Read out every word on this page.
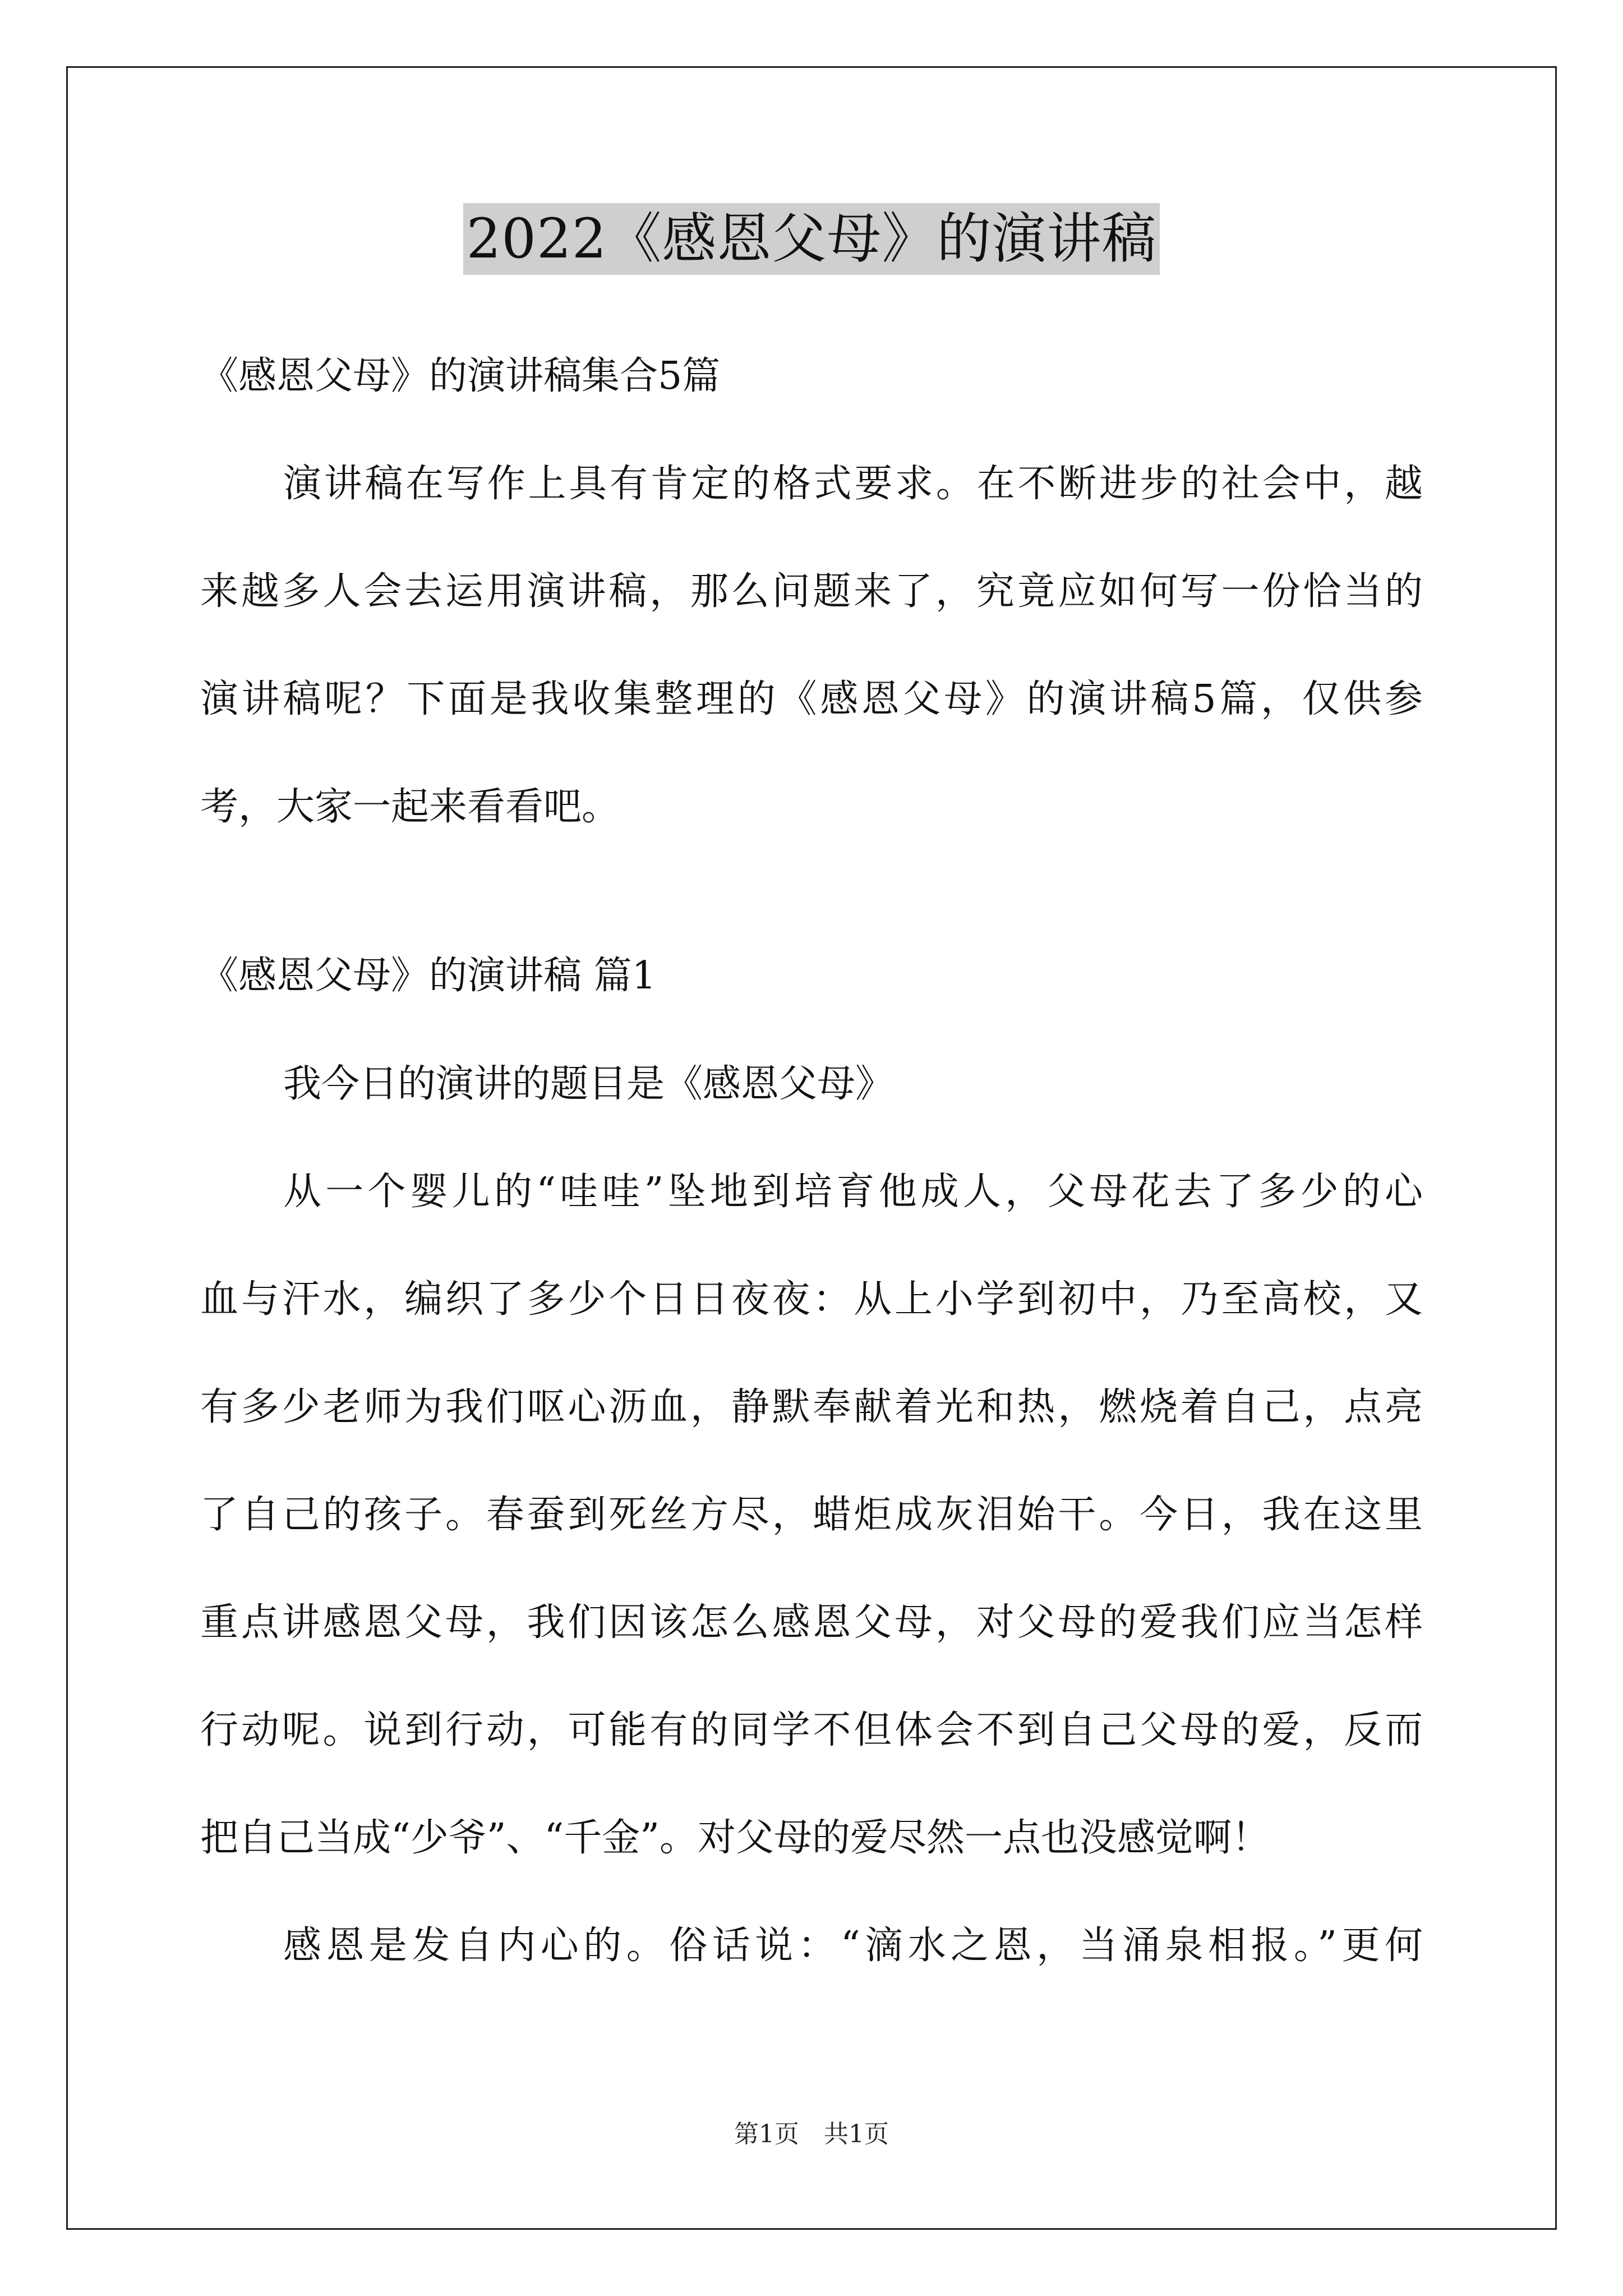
2022《感恩父母》的演讲稿
《感恩父母》的演讲稿集合5篇
演讲稿在写作上具有肯定的格式要求。在不断进步的社会中，越
来越多人会去运用演讲稿，那么问题来了，究竟应如何写一份恰当的
演讲稿呢？下面是我收集整理的《感恩父母》的演讲稿5篇，仅供参
考，大家一起来看看吧。
《感恩父母》的演讲稿 篇1
我今日的演讲的题目是《感恩父母》
从一个婴儿的“哇哇”坠地到培育他成人，父母花去了多少的心
血与汗水，编织了多少个日日夜夜：从上小学到初中，乃至高校，又
有多少老师为我们呕心沥血，静默奉献着光和热，燃烧着自己，点亮
了自己的孩子。春蚕到死丝方尽，蜡炬成灰泪始干。今日，我在这里
重点讲感恩父母，我们因该怎么感恩父母，对父母的爱我们应当怎样
行动呢。说到行动，可能有的同学不但体会不到自己父母的爱，反而
把自己当成“少爷”、“千金”。对父母的爱尽然一点也没感觉啊！
感恩是发自内心的。俗话说：“滴水之恩，当涌泉相报。”更何
第1页　共1页
